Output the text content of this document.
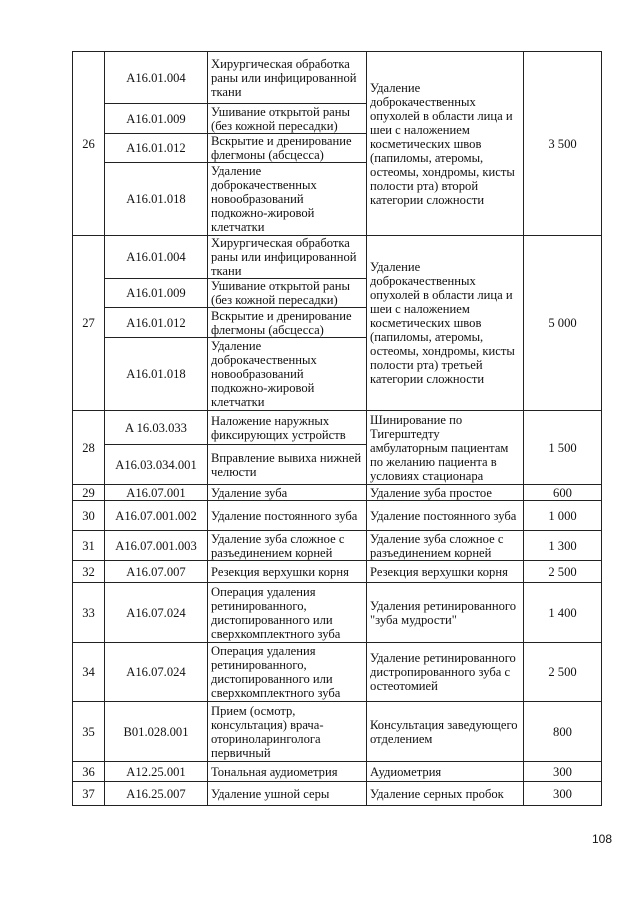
26	A16.01.004	Хирургическая обработка раны или инфицированной ткани	Удаление доброкачественных опухолей в области лица и шеи с наложением косметических швов (папиломы, атеромы, остеомы, хондромы, кисты полости рта) второй категории сложности	3 500
	A16.01.009	Ушивание открытой раны (без кожной пересадки)		
	A16.01.012	Вскрытие и дренирование флегмоны (абсцесса)		
	A16.01.018	Удаление доброкачественных новообразований подкожно-жировой клетчатки		
27	A16.01.004	Хирургическая обработка раны или инфицированной ткани	Удаление доброкачественных опухолей в области лица и шеи с наложением косметических швов (папиломы, атеромы, остеомы, хондромы, кисты полости рта) третьей категории сложности	5 000
	A16.01.009	Ушивание открытой раны (без кожной пересадки)		
	A16.01.012	Вскрытие и дренирование флегмоны (абсцесса)		
	A16.01.018	Удаление доброкачественных новообразований подкожно-жировой клетчатки		
28	A 16.03.033	Наложение наружных фиксирующих устройств	Шинирование по Тигерштедту амбулаторным пациентам по желанию пациента в условиях стационара	1 500
	A16.03.034.001	Вправление вывиха нижней челюсти		
29	A16.07.001	Удаление зуба	Удаление зуба простое	600
30	A16.07.001.002	Удаление постоянного зуба	Удаление постоянного зуба	1 000
31	A16.07.001.003	Удаление зуба сложное с разъединением корней	Удаление зуба сложное с разъединением корней	1 300
32	A16.07.007	Резекция верхушки корня	Резекция верхушки корня	2 500
33	A16.07.024	Операция удаления ретинированного, дистопированного или сверхкомплектного зуба	Удаления ретинированного "зуба мудрости"	1 400
34	A16.07.024	Операция удаления ретинированного, дистопированного или сверхкомплектного зуба	Удаление ретинированного дистропированного зуба с остеотомией	2 500
35	B01.028.001	Прием (осмотр, консультация) врача-оториноларинголога первичный	Консультация заведующего отделением	800
36	A12.25.001	Тональная аудиометрия	Аудиометрия	300
37	A16.25.007	Удаление ушной серы	Удаление серных пробок	300
108
